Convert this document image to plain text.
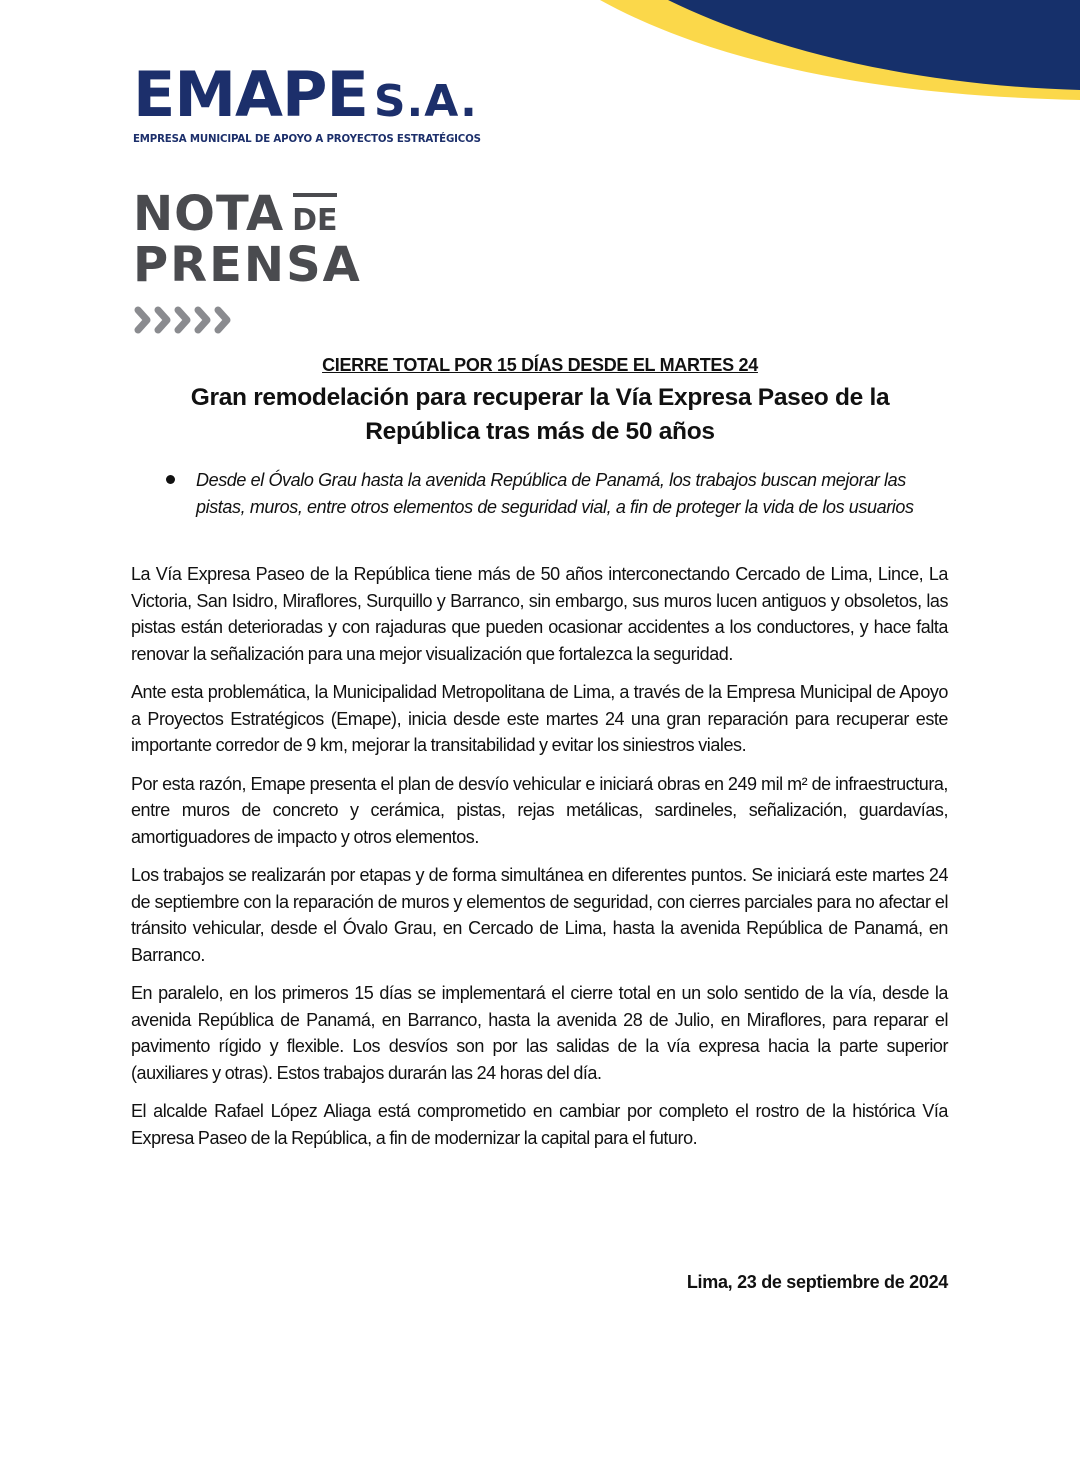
EMAPE S.A.
EMPRESA MUNICIPAL DE APOYO A PROYECTOS ESTRATÉGICOS
NOTA DE
PRENSA
CIERRE TOTAL POR 15 DÍAS DESDE EL MARTES 24
Gran remodelación para recuperar la Vía Expresa Paseo de la República tras más de 50 años
Desde el Óvalo Grau hasta la avenida República de Panamá, los trabajos buscan mejorar las pistas, muros, entre otros elementos de seguridad vial, a fin de proteger la vida de los usuarios

La Vía Expresa Paseo de la República tiene más de 50 años interconectando Cercado de Lima, Lince, La Victoria, San Isidro, Miraflores, Surquillo y Barranco, sin embargo, sus muros lucen antiguos y obsoletos, las pistas están deterioradas y con rajaduras que pueden ocasionar accidentes a los conductores, y hace falta renovar la señalización para una mejor visualización que fortalezca la seguridad.

Ante esta problemática, la Municipalidad Metropolitana de Lima, a través de la Empresa Municipal de Apoyo a Proyectos Estratégicos (Emape), inicia desde este martes 24 una gran reparación para recuperar este importante corredor de 9 km, mejorar la transitabilidad y evitar los siniestros viales.

Por esta razón, Emape presenta el plan de desvío vehicular e iniciará obras en 249 mil m² de infraestructura, entre muros de concreto y cerámica, pistas, rejas metálicas, sardineles, señalización, guardavías, amortiguadores de impacto y otros elementos.

Los trabajos se realizarán por etapas y de forma simultánea en diferentes puntos. Se iniciará este martes 24 de septiembre con la reparación de muros y elementos de seguridad, con cierres parciales para no afectar el tránsito vehicular, desde el Óvalo Grau, en Cercado de Lima, hasta la avenida República de Panamá, en Barranco.

En paralelo, en los primeros 15 días se implementará el cierre total en un solo sentido de la vía, desde la avenida República de Panamá, en Barranco, hasta la avenida 28 de Julio, en Miraflores, para reparar el pavimento rígido y flexible. Los desvíos son por las salidas de la vía expresa hacia la parte superior (auxiliares y otras). Estos trabajos durarán las 24 horas del día.

El alcalde Rafael López Aliaga está comprometido en cambiar por completo el rostro de la histórica Vía Expresa Paseo de la República, a fin de modernizar la capital para el futuro.

Lima, 23 de septiembre de 2024
